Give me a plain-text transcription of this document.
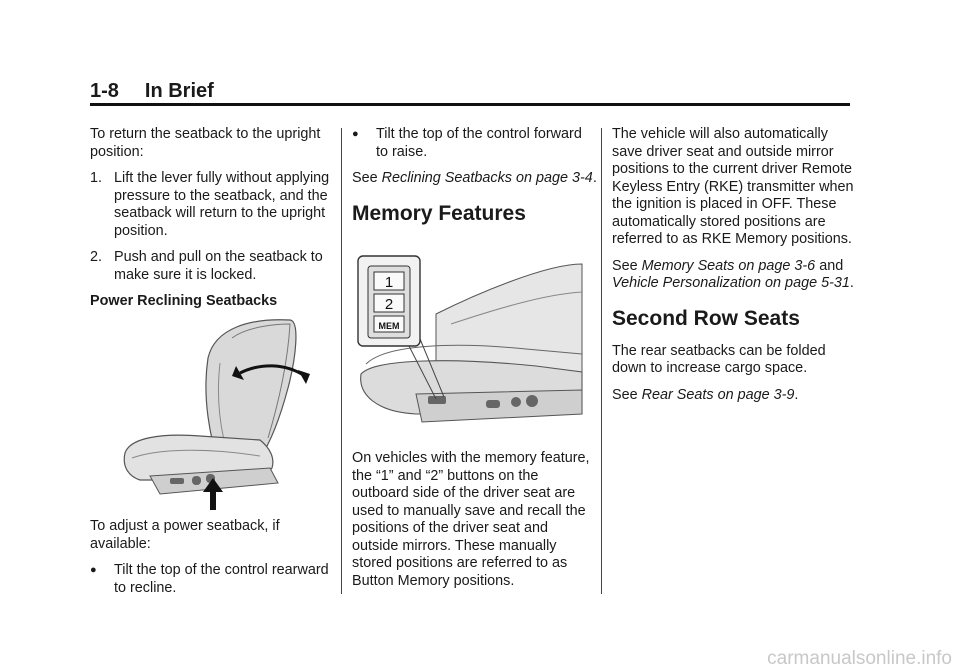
1-8 In Brief

To return the seatback to the upright position:

1. Lift the lever fully without applying pressure to the seatback, and the seatback will return to the upright position.
2. Push and pull on the seatback to make sure it is locked.

Power Reclining Seatbacks

To adjust a power seatback, if available:

● Tilt the top of the control rearward to recline.
● Tilt the top of the control forward to raise.

See Reclining Seatbacks on page 3-4.

Memory Features
1
2
MEM

On vehicles with the memory feature, the “1” and “2” buttons on the outboard side of the driver seat are used to manually save and recall the positions of the driver seat and outside mirrors. These manually stored positions are referred to as Button Memory positions.

The vehicle will also automatically save driver seat and outside mirror positions to the current driver Remote Keyless Entry (RKE) transmitter when the ignition is placed in OFF. These automatically stored positions are referred to as RKE Memory positions.

See Memory Seats on page 3-6 and Vehicle Personalization on page 5-31.

Second Row Seats

The rear seatbacks can be folded down to increase cargo space.

See Rear Seats on page 3-9.

carmanualsonline.info
